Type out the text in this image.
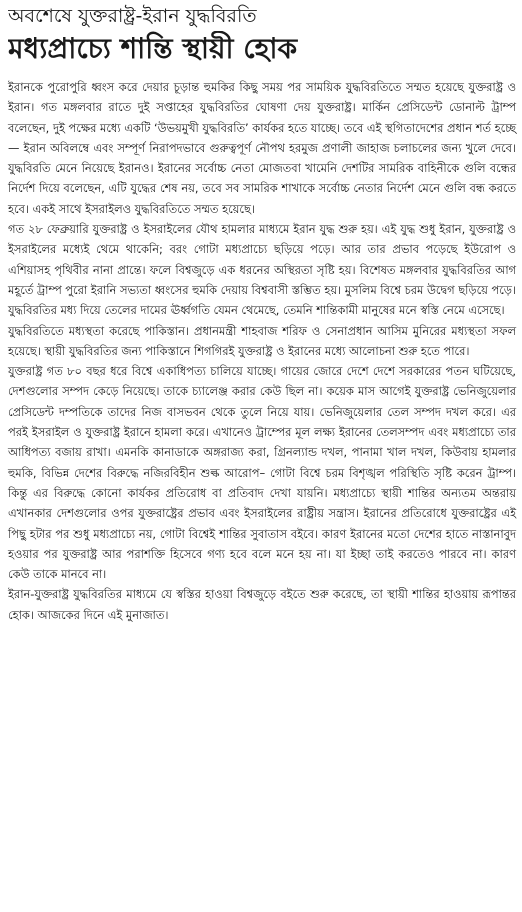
অবশেষে যুক্তরাষ্ট্র-ইরান যুদ্ধবিরতি
মধ্যপ্রাচ্যে শান্তি স্থায়ী হোক

ইরানকে পুরোপুরি ধ্বংস করে দেয়ার চূড়ান্ত হুমকির কিছু সময় পর সাময়িক যুদ্ধবিরতিতে সম্মত হয়েছে যুক্তরাষ্ট্র ও ইরান। গত মঙ্গলবার রাতে দুই সপ্তাহের যুদ্ধবিরতির ঘোষণা দেয় যুক্তরাষ্ট্র। মার্কিন প্রেসিডেন্ট ডোনাল্ট ট্রাম্প বলেছেন, দুই পক্ষের মধ্যে একটি ‘উভয়মুখী যুদ্ধবিরতি’ কার্যকর হতে যাচ্ছে। তবে এই স্থগিতাদেশের প্রধান শর্ত হচ্ছে— ইরান অবিলম্বে এবং সম্পূর্ণ নিরাপদভাবে গুরুত্বপূর্ণ নৌপথ হরমুজ প্রণালী জাহাজ চলাচলের জন্য খুলে দেবে। যুদ্ধবিরতি মেনে নিয়েছে ইরানও। ইরানের সর্বোচ্চ নেতা মোজতবা খামেনি দেশটির সামরিক বাহিনীকে গুলি বন্ধের নির্দেশ দিয়ে বলেছেন, এটি যুদ্ধের শেষ নয়, তবে সব সামরিক শাখাকে সর্বোচ্চ নেতার নির্দেশ মেনে গুলি বন্ধ করতে হবে। একই সাথে ইসরাইলও যুদ্ধবিরতিতে সম্মত হয়েছে।

গত ২৮ ফেব্রুয়ারি যুক্তরাষ্ট্র ও ইসরাইলের যৌথ হামলার মাধ্যমে ইরান যুদ্ধ শুরু হয়। এই যুদ্ধ শুধু ইরান, যুক্তরাষ্ট্র ও ইসরাইলের মধ্যেই থেমে থাকেনি; বরং গোটা মধ্যপ্রাচ্যে ছড়িয়ে পড়ে। আর তার প্রভাব পড়েছে ইউরোপ ও এশিয়াসহ পৃথিবীর নানা প্রান্তে। ফলে বিশ্বজুড়ে এক ধরনের অস্থিরতা সৃষ্টি হয়। বিশেষত মঙ্গলবার যুদ্ধবিরতির আগ মহূর্তে ট্রাম্প পুরো ইরানি সভ্যতা ধ্বংসের হুমকি দেয়ায় বিশ্ববাসী স্তম্ভিত হয়। মুসলিম বিশ্বে চরম উদ্বেগ ছড়িয়ে পড়ে। যুদ্ধবিরতির মধ্য দিয়ে তেলের দামের ঊর্ধ্বগতি যেমন থেমেছে, তেমনি শান্তিকামী মানুষের মনে স্বস্তি নেমে এসেছে।

যুদ্ধবিরতিতে মধ্যস্থতা করেছে পাকিস্তান। প্রধানমন্ত্রী শাহবাজ শরিফ ও সেনাপ্রধান আসিম মুনিরের মধ্যস্থতা সফল হয়েছে। স্থায়ী যুদ্ধবিরতির জন্য পাকিস্তানে শিগগিরই যুক্তরাষ্ট্র ও ইরানের মধ্যে আলোচনা শুরু হতে পারে।

যুক্তরাষ্ট্র গত ৮০ বছর ধরে বিশ্বে একাধিপত্য চালিয়ে যাচ্ছে। গায়ের জোরে দেশে দেশে সরকারের পতন ঘটিয়েছে, দেশগুলোর সম্পদ কেড়ে নিয়েছে। তাকে চ্যালেঞ্জ করার কেউ ছিল না। কয়েক মাস আগেই যুক্তরাষ্ট্র ভেনিজুয়েলার প্রেসিডেন্ট দম্পতিকে তাদের নিজ বাসভবন থেকে তুলে নিয়ে যায়। ভেনিজুয়েলার তেল সম্পদ দখল করে। এর পরই ইসরাইল ও যুক্তরাষ্ট্র ইরানে হামলা করে। এখানেও ট্রাম্পের মূল লক্ষ্য ইরানের তেলসম্পদ এবং মধ্যপ্রাচ্যে তার আধিপত্য বজায় রাখা। এমনকি কানাডাকে অঙ্গরাজ্য করা, গ্রিনল্যান্ড দখল, পানামা খাল দখল, কিউবায় হামলার হুমকি, বিভিন্ন দেশের বিরুদ্ধে নজিরবিহীন শুল্ক আরোপ– গোটা বিশ্বে চরম বিশৃঙ্খল পরিস্থিতি সৃষ্টি করেন ট্রাম্প। কিন্তু এর বিরুদ্ধে কোনো কার্যকর প্রতিরোধ বা প্রতিবাদ দেখা যায়নি। মধ্যপ্রাচ্যে স্থায়ী শান্তির অন্যতম অন্তরায় এখানকার দেশগুলোর ওপর যুক্তরাষ্ট্রের প্রভাব এবং ইসরাইলের রাষ্ট্রীয় সন্ত্রাস। ইরানের প্রতিরোধে যুক্তরাষ্ট্রের এই পিছু হটার পর শুধু মধ্যপ্রাচ্যে নয়, গোটা বিশ্বেই শান্তির সুবাতাস বইবে। কারণ ইরানের মতো দেশের হাতে নাস্তানাবুদ হওয়ার পর যুক্তরাষ্ট্র আর পরাশক্তি হিসেবে গণ্য হবে বলে মনে হয় না। যা ইচ্ছা তাই করতেও পারবে না। কারণ কেউ তাকে মানবে না।

ইরান-যুক্তরাষ্ট্র যুদ্ধবিরতির মাধ্যমে যে স্বস্তির হাওয়া বিশ্বজুড়ে বইতে শুরু করেছে, তা স্থায়ী শান্তির হাওয়ায় রূপান্তর হোক। আজকের দিনে এই মুনাজাত।
